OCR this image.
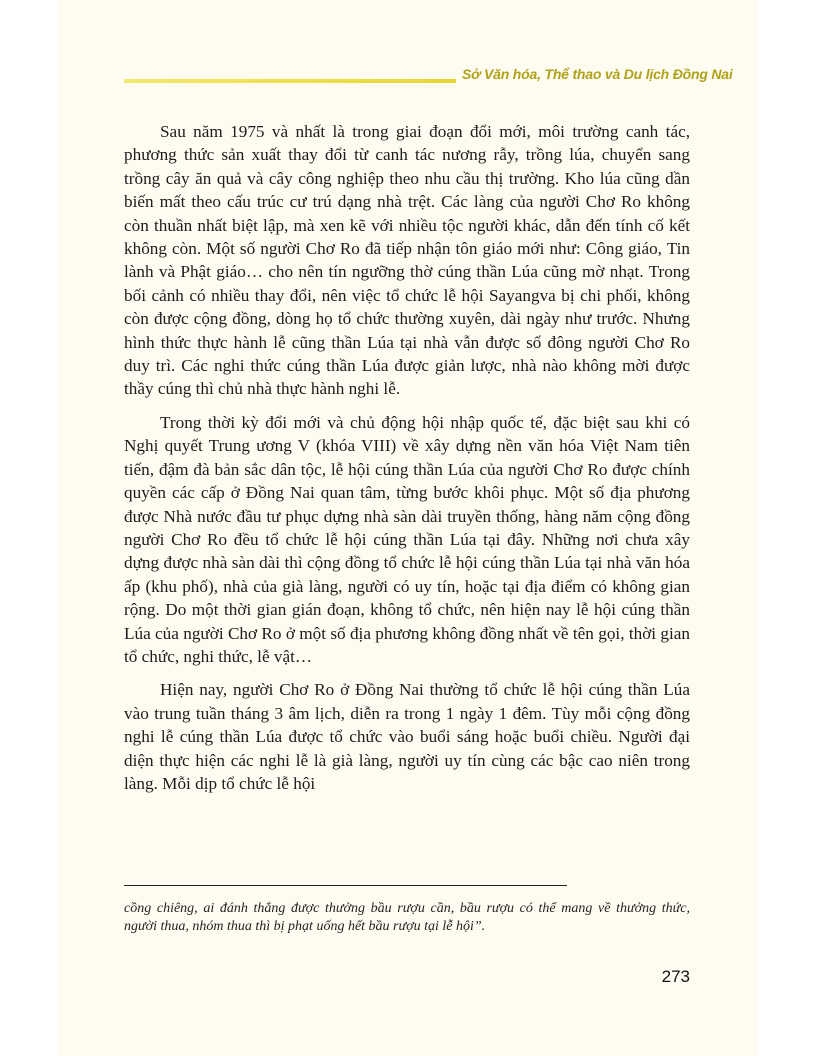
Sở Văn hóa, Thể thao và Du lịch Đồng Nai

Sau năm 1975 và nhất là trong giai đoạn đổi mới, môi trường canh tác, phương thức sản xuất thay đổi từ canh tác nương rẫy, trồng lúa, chuyển sang trồng cây ăn quả và cây công nghiệp theo nhu cầu thị trường. Kho lúa cũng dần biến mất theo cấu trúc cư trú dạng nhà trệt. Các làng của người Chơ Ro không còn thuần nhất biệt lập, mà xen kẽ với nhiều tộc người khác, dẫn đến tính cố kết không còn. Một số người Chơ Ro đã tiếp nhận tôn giáo mới như: Công giáo, Tin lành và Phật giáo… cho nên tín ngưỡng thờ cúng thần Lúa cũng mờ nhạt. Trong bối cảnh có nhiều thay đổi, nên việc tổ chức lễ hội Sayangva bị chi phối, không còn được cộng đồng, dòng họ tổ chức thường xuyên, dài ngày như trước. Nhưng hình thức thực hành lễ cũng thần Lúa tại nhà vẫn được số đông người Chơ Ro duy trì. Các nghi thức cúng thần Lúa được giản lược, nhà nào không mời được thầy cúng thì chủ nhà thực hành nghi lễ.

Trong thời kỳ đổi mới và chủ động hội nhập quốc tế, đặc biệt sau khi có Nghị quyết Trung ương V (khóa VIII) về xây dựng nền văn hóa Việt Nam tiên tiến, đậm đà bản sắc dân tộc, lễ hội cúng thần Lúa của người Chơ Ro được chính quyền các cấp ở Đồng Nai quan tâm, từng bước khôi phục. Một số địa phương được Nhà nước đầu tư phục dựng nhà sàn dài truyền thống, hàng năm cộng đồng người Chơ Ro đều tổ chức lễ hội cúng thần Lúa tại đây. Những nơi chưa xây dựng được nhà sàn dài thì cộng đồng tổ chức lễ hội cúng thần Lúa tại nhà văn hóa ấp (khu phố), nhà của già làng, người có uy tín, hoặc tại địa điểm có không gian rộng. Do một thời gian gián đoạn, không tổ chức, nên hiện nay lễ hội cúng thần Lúa của người Chơ Ro ở một số địa phương không đồng nhất về tên gọi, thời gian tổ chức, nghi thức, lễ vật…

Hiện nay, người Chơ Ro ở Đồng Nai thường tổ chức lễ hội cúng thần Lúa vào trung tuần tháng 3 âm lịch, diễn ra trong 1 ngày 1 đêm. Tùy mỗi cộng đồng nghi lễ cúng thần Lúa được tổ chức vào buổi sáng hoặc buổi chiều. Người đại diện thực hiện các nghi lễ là già làng, người uy tín cùng các bậc cao niên trong làng. Mỗi dịp tổ chức lễ hội

cồng chiêng, ai đánh thắng được thưởng bầu rượu cần, bầu rượu có thể mang về thưởng thức, người thua, nhóm thua thì bị phạt uống hết bầu rượu tại lễ hội”.
273
